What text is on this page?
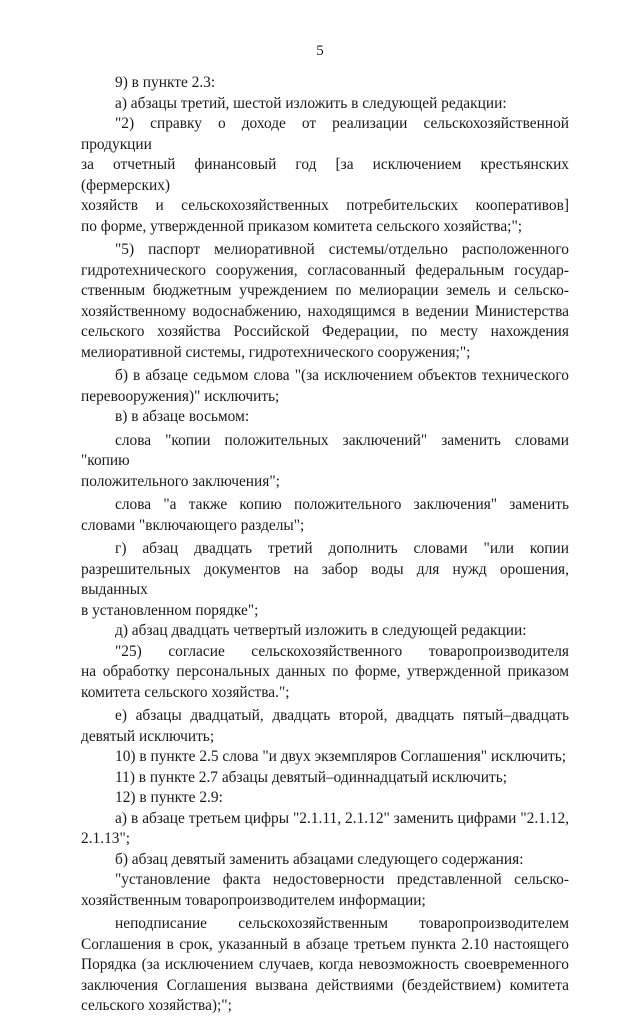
5

9) в пункте 2.3:

а) абзацы третий, шестой изложить в следующей редакции:

"2) справку о доходе от реализации сельскохозяйственной продукции

за отчетный финансовый год [за исключением крестьянских (фермерских)

хозяйств и сельскохозяйственных потребительских кооперативов]

по форме, утвержденной приказом комитета сельского хозяйства;";

"5) паспорт мелиоративной системы/отдельно расположенного

гидротехнического сооружения, согласованный федеральным государ-

ственным бюджетным учреждением по мелиорации земель и сельско-

хозяйственному водоснабжению, находящимся в ведении Министерства

сельского хозяйства Российской Федерации, по месту нахождения

мелиоративной системы, гидротехнического сооружения;";

б) в абзаце седьмом слова "(за исключением объектов технического

перевооружения)" исключить;

в) в абзаце восьмом:

слова "копии положительных заключений" заменить словами "копию

положительного заключения";

слова "а также копию положительного заключения" заменить

словами "включающего разделы";

г) абзац двадцать третий дополнить словами "или копии

разрешительных документов на забор воды для нужд орошения, выданных

в установленном порядке";

д) абзац двадцать четвертый изложить в следующей редакции:

"25) согласие сельскохозяйственного товаропроизводителя

на обработку персональных данных по форме, утвержденной приказом

комитета сельского хозяйства.";

е) абзацы двадцатый, двадцать второй, двадцать пятый–двадцать

девятый исключить;

10) в пункте 2.5 слова "и двух экземпляров Соглашения" исключить;

11) в пункте 2.7 абзацы девятый–одиннадцатый исключить;

12) в пункте 2.9:

а) в абзаце третьем цифры "2.1.11, 2.1.12" заменить цифрами "2.1.12,

2.1.13";

б) абзац девятый заменить абзацами следующего содержания:

"установление факта недостоверности представленной сельско-

хозяйственным товаропроизводителем информации;

неподписание сельскохозяйственным товаропроизводителем

Соглашения в срок, указанный в абзаце третьем пункта 2.10 настоящего

Порядка (за исключением случаев, когда невозможность своевременного

заключения Соглашения вызвана действиями (бездействием) комитета

сельского хозяйства);";
